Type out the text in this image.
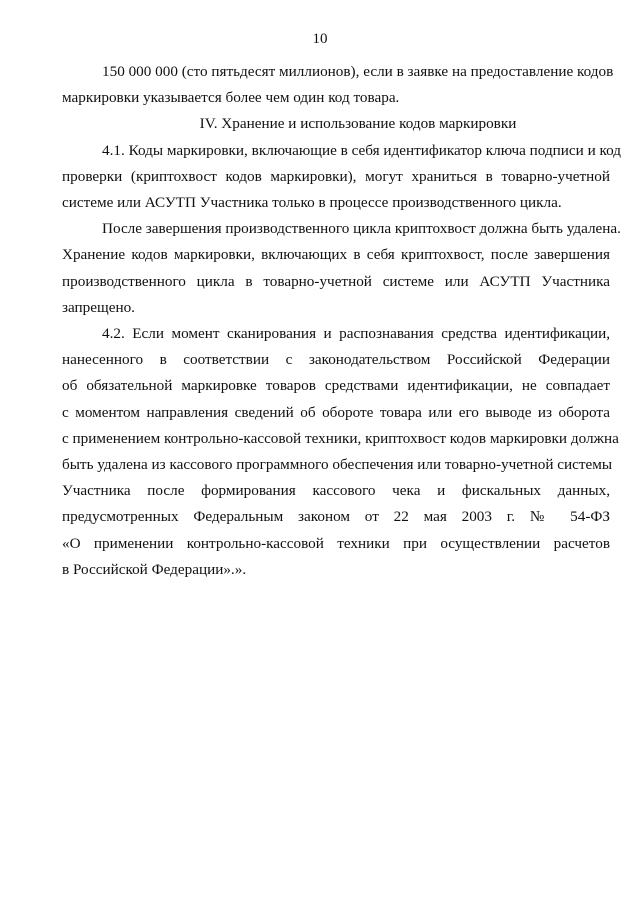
10

150 000 000 (сто пятьдесят миллионов), если в заявке на предоставление кодов
маркировки указывается более чем один код товара.

IV. Хранение и использование кодов маркировки

4.1. Коды маркировки, включающие в себя идентификатор ключа подписи и код
проверки (криптохвост кодов маркировки), могут храниться в товарно-учетной
системе или АСУТП Участника только в процессе производственного цикла.

После завершения производственного цикла криптохвост должна быть удалена.
Хранение кодов маркировки, включающих в себя криптохвост, после завершения
производственного цикла в товарно-учетной системе или АСУТП Участника
запрещено.

4.2. Если момент сканирования и распознавания средства идентификации,
нанесенного в соответствии с законодательством Российской Федерации
об обязательной маркировке товаров средствами идентификации, не совпадает
с моментом направления сведений об обороте товара или его выводе из оборота
с применением контрольно-кассовой техники, криптохвост кодов маркировки должна
быть удалена из кассового программного обеспечения или товарно-учетной системы
Участника после формирования кассового чека и фискальных данных,
предусмотренных Федеральным законом от 22 мая 2003 г. № 54-ФЗ
«О применении контрольно-кассовой техники при осуществлении расчетов
в Российской Федерации».».
